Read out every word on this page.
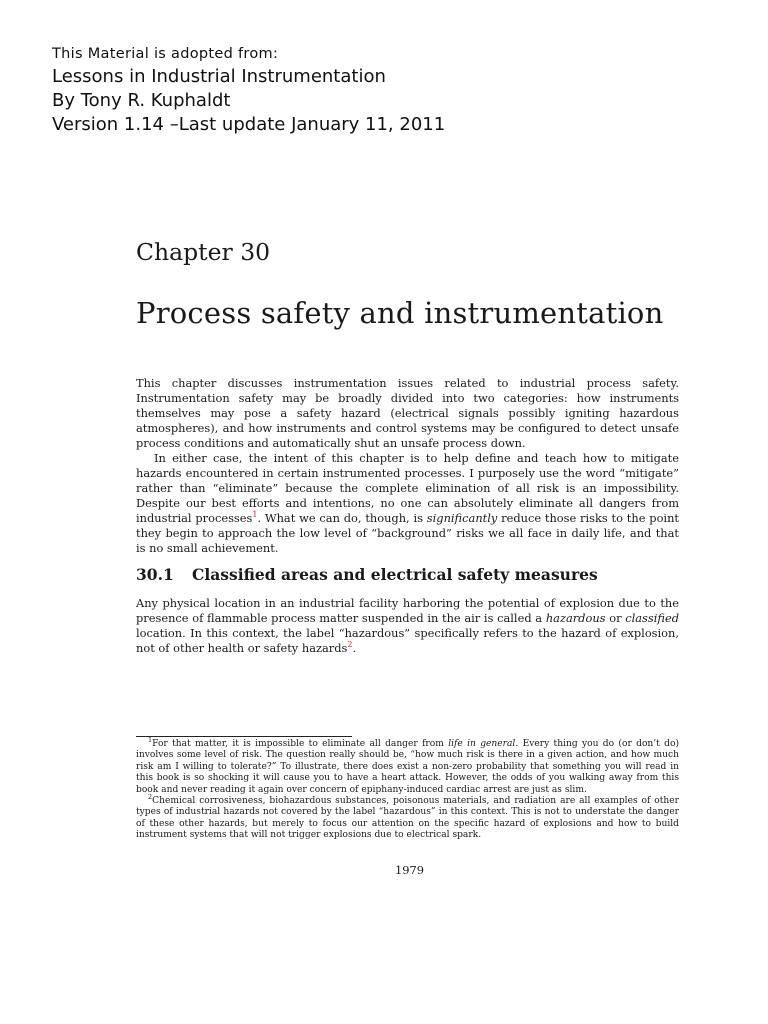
This Material is adopted from:
Lessons in Industrial Instrumentation
By Tony R. Kuphaldt
Version 1.14 –Last update January 11, 2011
Chapter 30
Process safety and instrumentation

This chapter discusses instrumentation issues related to industrial process safety. Instrumentation safety may be broadly divided into two categories: how instruments themselves may pose a safety hazard (electrical signals possibly igniting hazardous atmospheres), and how instruments and control systems may be configured to detect unsafe process conditions and automatically shut an unsafe process down.

In either case, the intent of this chapter is to help define and teach how to mitigate hazards encountered in certain instrumented processes. I purposely use the word “mitigate” rather than “eliminate” because the complete elimination of all risk is an impossibility. Despite our best efforts and intentions, no one can absolutely eliminate all dangers from industrial processes$^1$. What we can do, though, is significantly reduce those risks to the point they begin to approach the low level of “background” risks we all face in daily life, and that is no small achievement.

30.1 Classified areas and electrical safety measures

Any physical location in an industrial facility harboring the potential of explosion due to the presence of flammable process matter suspended in the air is called a hazardous or classified location. In this context, the label “hazardous” specifically refers to the hazard of explosion, not of other health or safety hazards$^2$.

$^1$For that matter, it is impossible to eliminate all danger from life in general. Every thing you do (or don’t do) involves some level of risk. The question really should be, “how much risk is there in a given action, and how much risk am I willing to tolerate?” To illustrate, there does exist a non-zero probability that something you will read in this book is so shocking it will cause you to have a heart attack. However, the odds of you walking away from this book and never reading it again over concern of epiphany-induced cardiac arrest are just as slim.

$^2$Chemical corrosiveness, biohazardous substances, poisonous materials, and radiation are all examples of other types of industrial hazards not covered by the label “hazardous” in this context. This is not to understate the danger of these other hazards, but merely to focus our attention on the specific hazard of explosions and how to build instrument systems that will not trigger explosions due to electrical spark.

1979
